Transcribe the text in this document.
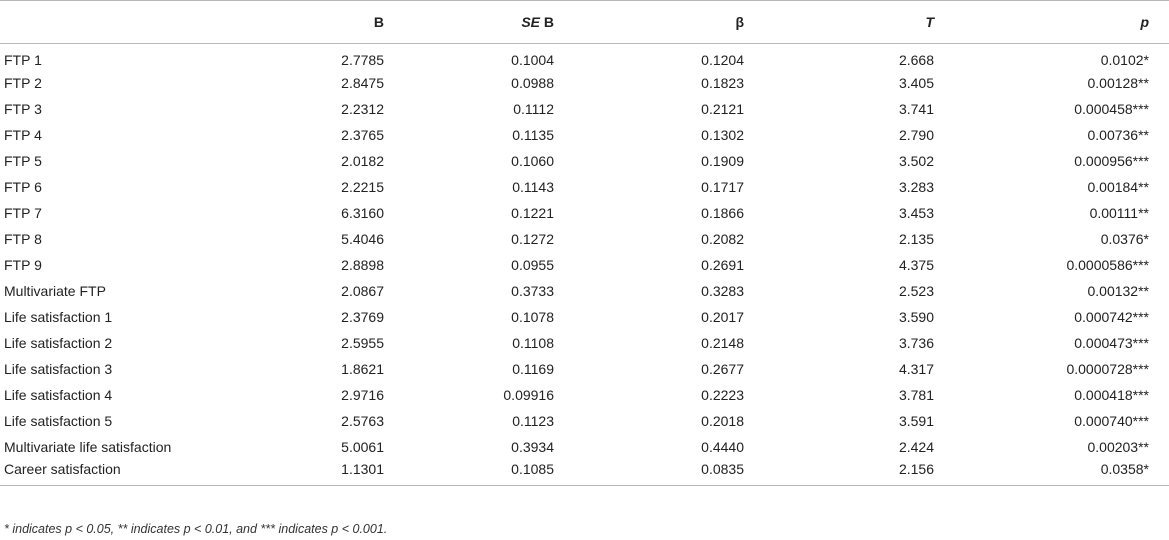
	B	SE B	β	T	p
FTP 1	2.7785	0.1004	0.1204	2.668	0.0102*
FTP 2	2.8475	0.0988	0.1823	3.405	0.00128**
FTP 3	2.2312	0.1112	0.2121	3.741	0.000458***
FTP 4	2.3765	0.1135	0.1302	2.790	0.00736**
FTP 5	2.0182	0.1060	0.1909	3.502	0.000956***
FTP 6	2.2215	0.1143	0.1717	3.283	0.00184**
FTP 7	6.3160	0.1221	0.1866	3.453	0.00111**
FTP 8	5.4046	0.1272	0.2082	2.135	0.0376*
FTP 9	2.8898	0.0955	0.2691	4.375	0.0000586***
Multivariate FTP	2.0867	0.3733	0.3283	2.523	0.00132**
Life satisfaction 1	2.3769	0.1078	0.2017	3.590	0.000742***
Life satisfaction 2	2.5955	0.1108	0.2148	3.736	0.000473***
Life satisfaction 3	1.8621	0.1169	0.2677	4.317	0.0000728***
Life satisfaction 4	2.9716	0.09916	0.2223	3.781	0.000418***
Life satisfaction 5	2.5763	0.1123	0.2018	3.591	0.000740***
Multivariate life satisfaction	5.0061	0.3934	0.4440	2.424	0.00203**
Career satisfaction	1.1301	0.1085	0.0835	2.156	0.0358*
* indicates p < 0.05, ** indicates p < 0.01, and *** indicates p < 0.001.
